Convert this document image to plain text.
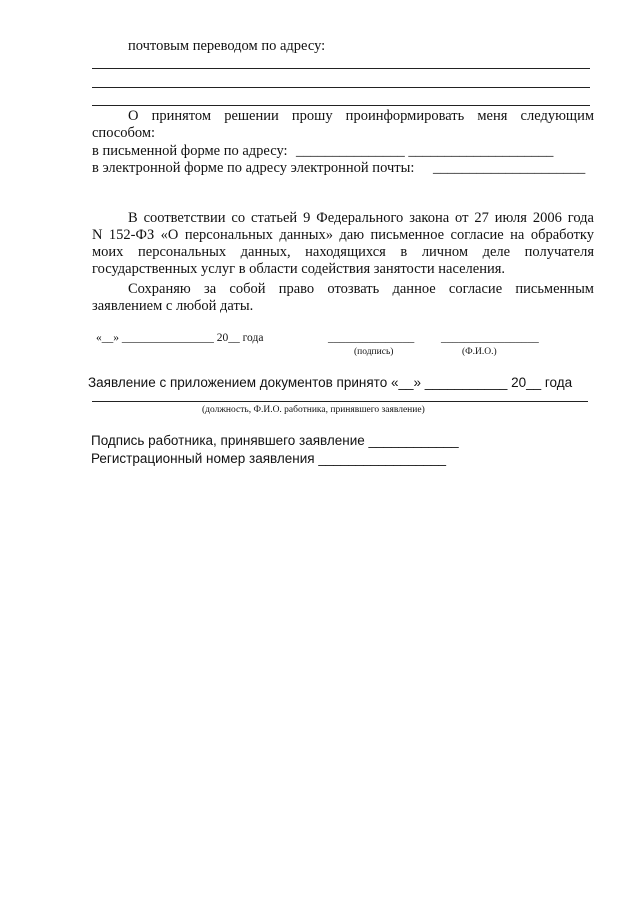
почтовым переводом по адресу:
О принятом решении прошу проинформировать меня следующим
способом:
в письменной форме по адресу: _______________ ____________________
в электронной форме по адресу электронной почты: _____________________
В соответствии со статьей 9 Федерального закона от 27 июля 2006 года
N 152-ФЗ «О персональных данных» даю письменное согласие на обработку
моих персональных данных, находящихся в личном деле получателя
государственных услуг в области содействия занятости населения.
Сохраняю за собой право отозвать данное согласие письменным
заявлением с любой даты.
«__» ________________ 20__ года	_______________ _________________
(подпись)	(Ф.И.О.)
Заявление с приложением документов принято «__» ___________ 20__ года
(должность, Ф.И.О. работника, принявшего заявление)
Подпись работника, принявшего заявление ____________
Регистрационный номер заявления _________________
